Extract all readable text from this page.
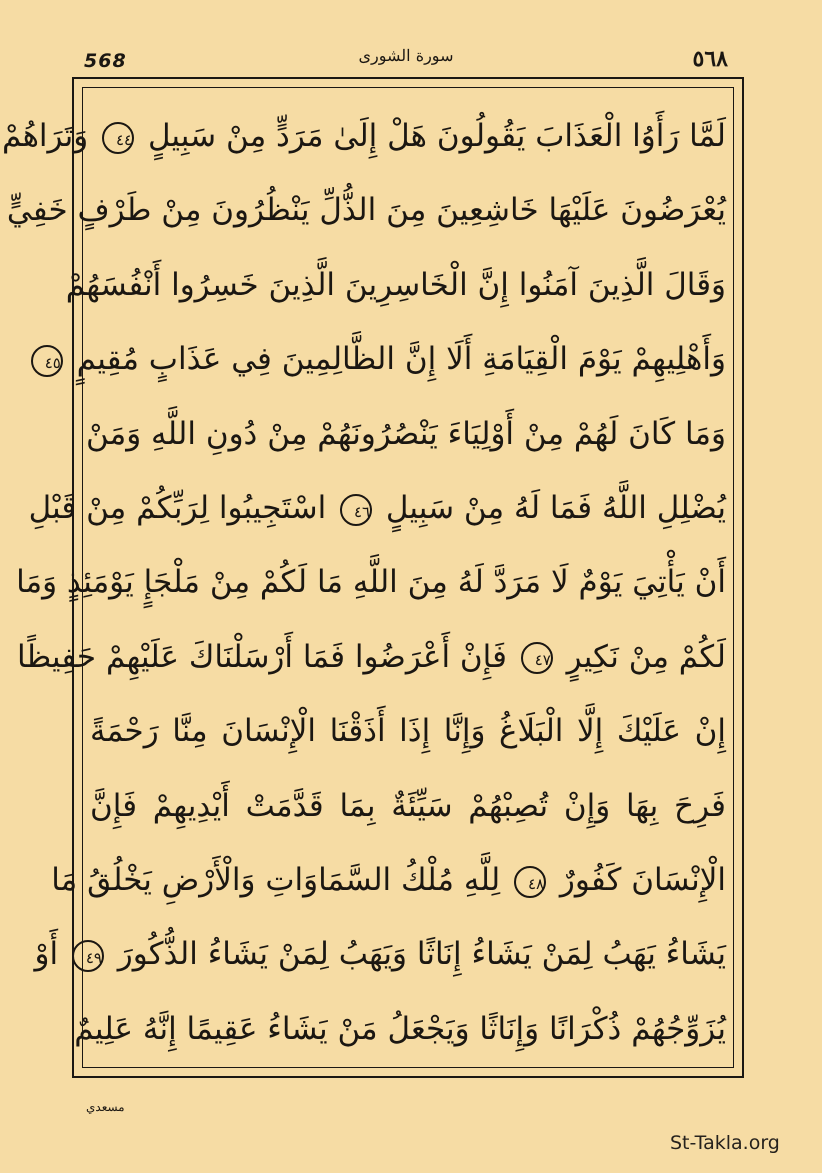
568	سورة الشورى	٥٦٨
لَمَّا رَأَوُا الْعَذَابَ يَقُولُونَ هَلْ إِلَىٰ مَرَدٍّ مِنْ سَبِيلٍ ٤٤ وَتَرَاهُمْ
يُعْرَضُونَ عَلَيْهَا خَاشِعِينَ مِنَ الذُّلِّ يَنْظُرُونَ مِنْ طَرْفٍ خَفِيٍّ
وَقَالَ الَّذِينَ آمَنُوا إِنَّ الْخَاسِرِينَ الَّذِينَ خَسِرُوا أَنْفُسَهُمْ
وَأَهْلِيهِمْ يَوْمَ الْقِيَامَةِ أَلَا إِنَّ الظَّالِمِينَ فِي عَذَابٍ مُقِيمٍ ٤٥
وَمَا كَانَ لَهُمْ مِنْ أَوْلِيَاءَ يَنْصُرُونَهُمْ مِنْ دُونِ اللَّهِ وَمَنْ
يُضْلِلِ اللَّهُ فَمَا لَهُ مِنْ سَبِيلٍ ٤٦ اسْتَجِيبُوا لِرَبِّكُمْ مِنْ قَبْلِ
أَنْ يَأْتِيَ يَوْمٌ لَا مَرَدَّ لَهُ مِنَ اللَّهِ مَا لَكُمْ مِنْ مَلْجَإٍ يَوْمَئِذٍ وَمَا
لَكُمْ مِنْ نَكِيرٍ ٤٧ فَإِنْ أَعْرَضُوا فَمَا أَرْسَلْنَاكَ عَلَيْهِمْ حَفِيظًا
إِنْ عَلَيْكَ إِلَّا الْبَلَاغُ وَإِنَّا إِذَا أَذَقْنَا الْإِنْسَانَ مِنَّا رَحْمَةً
فَرِحَ بِهَا وَإِنْ تُصِبْهُمْ سَيِّئَةٌ بِمَا قَدَّمَتْ أَيْدِيهِمْ فَإِنَّ
الْإِنْسَانَ كَفُورٌ ٤٨ لِلَّهِ مُلْكُ السَّمَاوَاتِ وَالْأَرْضِ يَخْلُقُ مَا
يَشَاءُ يَهَبُ لِمَنْ يَشَاءُ إِنَاثًا وَيَهَبُ لِمَنْ يَشَاءُ الذُّكُورَ ٤٩ أَوْ
يُزَوِّجُهُمْ ذُكْرَانًا وَإِنَاثًا وَيَجْعَلُ مَنْ يَشَاءُ عَقِيمًا إِنَّهُ عَلِيمٌ
مسعدي
St-Takla.org
